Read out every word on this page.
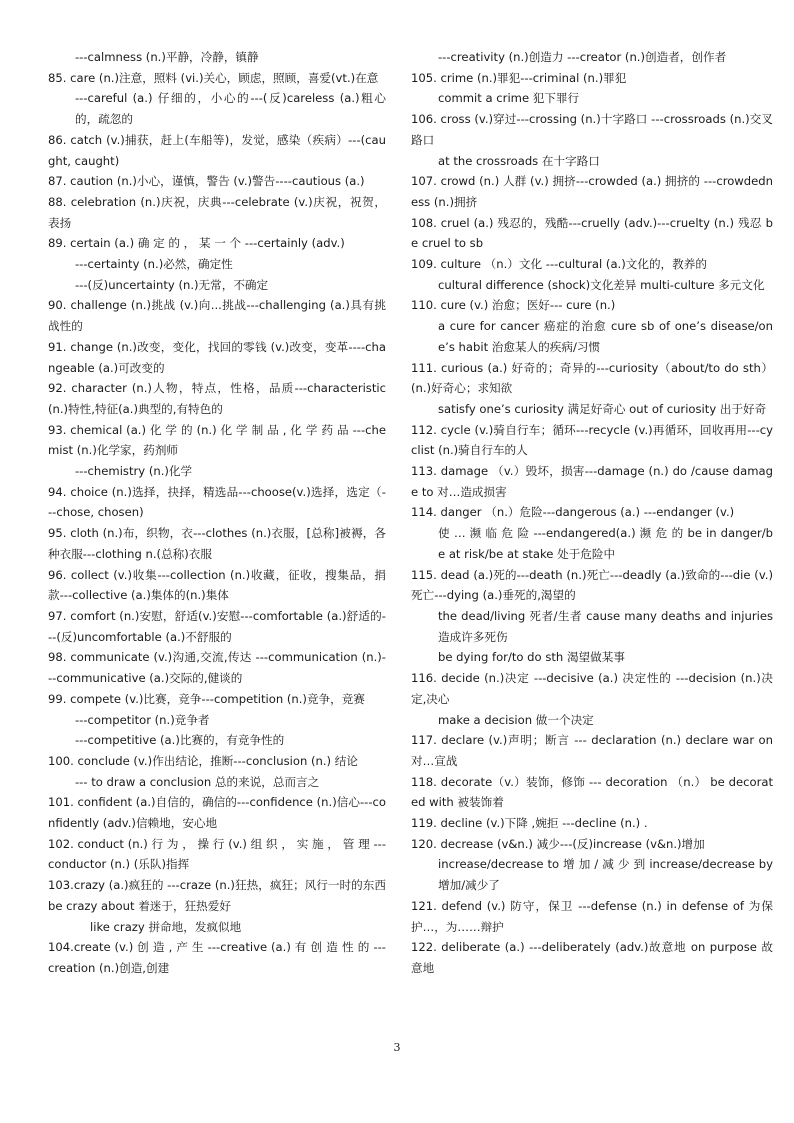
---calmness (n.)平静，冷静，镇静
85. care (n.)注意，照料 (vi.)关心，顾虑，照顾，喜爱(vt.)在意
---careful (a.) 仔细的，小心的---(反)careless (a.)粗心的，疏忽的
86. catch (v.)捕获，赶上(车船等)，发觉，感染（疾病）---(caught, caught)
87. caution (n.)小心，谨慎，警告 (v.)警告----cautious (a.)
88. celebration (n.)庆祝，庆典---celebrate (v.)庆祝，祝贺，表扬
89. certain (a.) 确 定 的 ， 某 一 个 ---certainly (adv.)
---certainty (n.)必然，确定性
---(反)uncertainty (n.)无常，不确定
90. challenge (n.)挑战 (v.)向...挑战---challenging (a.)具有挑战性的
91. change (n.)改变，变化，找回的零钱 (v.)改变，变革----changeable (a.)可改变的
92. character (n.)人物，特点，性格，品质---characteristic (n.)特性,特征(a.)典型的,有特色的
93. chemical (a.) 化 学 的 (n.) 化 学 制 品 , 化 学 药 品 ---chemist (n.)化学家，药剂师
---chemistry (n.)化学
94. choice (n.)选择，抉择，精选品---choose(v.)选择，选定（---chose, chosen)
95. cloth (n.)布，织物，衣---clothes (n.)衣服，[总称]被褥，各种衣服---clothing n.(总称)衣服
96. collect (v.)收集---collection (n.)收藏，征收，搜集品，捐款---collective (a.)集体的(n.)集体
97. comfort (n.)安慰，舒适(v.)安慰---comfortable (a.)舒适的---(反)uncomfortable (a.)不舒服的
98. communicate (v.)沟通,交流,传达 ---communication (n.)---communicative (a.)交际的,健谈的
99. compete (v.)比赛，竞争---competition (n.)竞争，竞赛
---competitor (n.)竞争者
---competitive (a.)比赛的，有竞争性的
100. conclude (v.)作出结论，推断---conclusion (n.) 结论
--- to draw a conclusion 总的来说，总而言之
101. confident (a.)自信的，确信的---confidence (n.)信心---confidently (adv.)信赖地，安心地
102. conduct (n.) 行 为 ， 操 行 (v.) 组 织 ， 实 施 ， 管 理 ---conductor (n.) (乐队)指挥
103.crazy (a.)疯狂的 ---craze (n.)狂热，疯狂；风行一时的东西 be crazy about 着迷于，狂热爱好
like crazy 拼命地，发疯似地
104.create (v.) 创 造 , 产 生 ---creative (a.) 有 创 造 性 的 ---creation (n.)创造,创建
---creativity (n.)创造力 ---creator (n.)创造者，创作者
105. crime (n.)罪犯---criminal (n.)罪犯
commit a crime 犯下罪行
106. cross (v.)穿过---crossing (n.)十字路口 ---crossroads (n.)交叉路口
at the crossroads 在十字路口
107. crowd (n.) 人群 (v.) 拥挤---crowded (a.) 拥挤的 ---crowdedness (n.)拥挤
108. cruel (a.) 残忍的，残酷---cruelly (adv.)---cruelty (n.) 残忍 be cruel to sb
109. culture （n.）文化 ---cultural (a.)文化的，教养的
cultural difference (shock)文化差异 multi-culture 多元文化
110. cure (v.) 治愈；医好--- cure (n.)
a cure for cancer 癌症的治愈 cure sb of one’s disease/one’s habit 治愈某人的疾病/习惯
111. curious (a.) 好奇的；奇异的---curiosity（about/to do sth） (n.)好奇心；求知欲
satisfy one’s curiosity 满足好奇心 out of curiosity 出于好奇
112. cycle (v.)骑自行车；循环---recycle (v.)再循环，回收再用---cyclist (n.)骑自行车的人
113. damage （v.）毁坏，损害---damage (n.) do /cause damage to 对…造成损害
114. danger （n.）危险---dangerous (a.) ---endanger (v.)
使 … 濒 临 危 险 ---endangered(a.) 濒 危 的 be in danger/be at risk/be at stake 处于危险中
115. dead (a.)死的---death (n.)死亡---deadly (a.)致命的---die (v.)死亡---dying (a.)垂死的,渴望的
the dead/living 死者/生者 cause many deaths and injuries 造成许多死伤
be dying for/to do sth 渴望做某事
116. decide (n.)决定 ---decisive (a.) 决定性的 ---decision (n.)决定,决心
make a decision 做一个决定
117. declare (v.)声明；断言 --- declaration (n.) declare war on 对…宣战
118. decorate（v.）装饰，修饰 --- decoration （n.） be decorated with 被装饰着
119. decline (v.)下降 ,婉拒 ---decline (n.) .
120. decrease (v&n.) 减少---(反)increase (v&n.)增加
increase/decrease to 增 加 / 减 少 到 increase/decrease by 增加/减少了
121. defend (v.) 防守，保卫 ---defense (n.) in defense of 为保护…，为……辩护
122. deliberate (a.) ---deliberately (adv.)故意地 on purpose 故意地
3
